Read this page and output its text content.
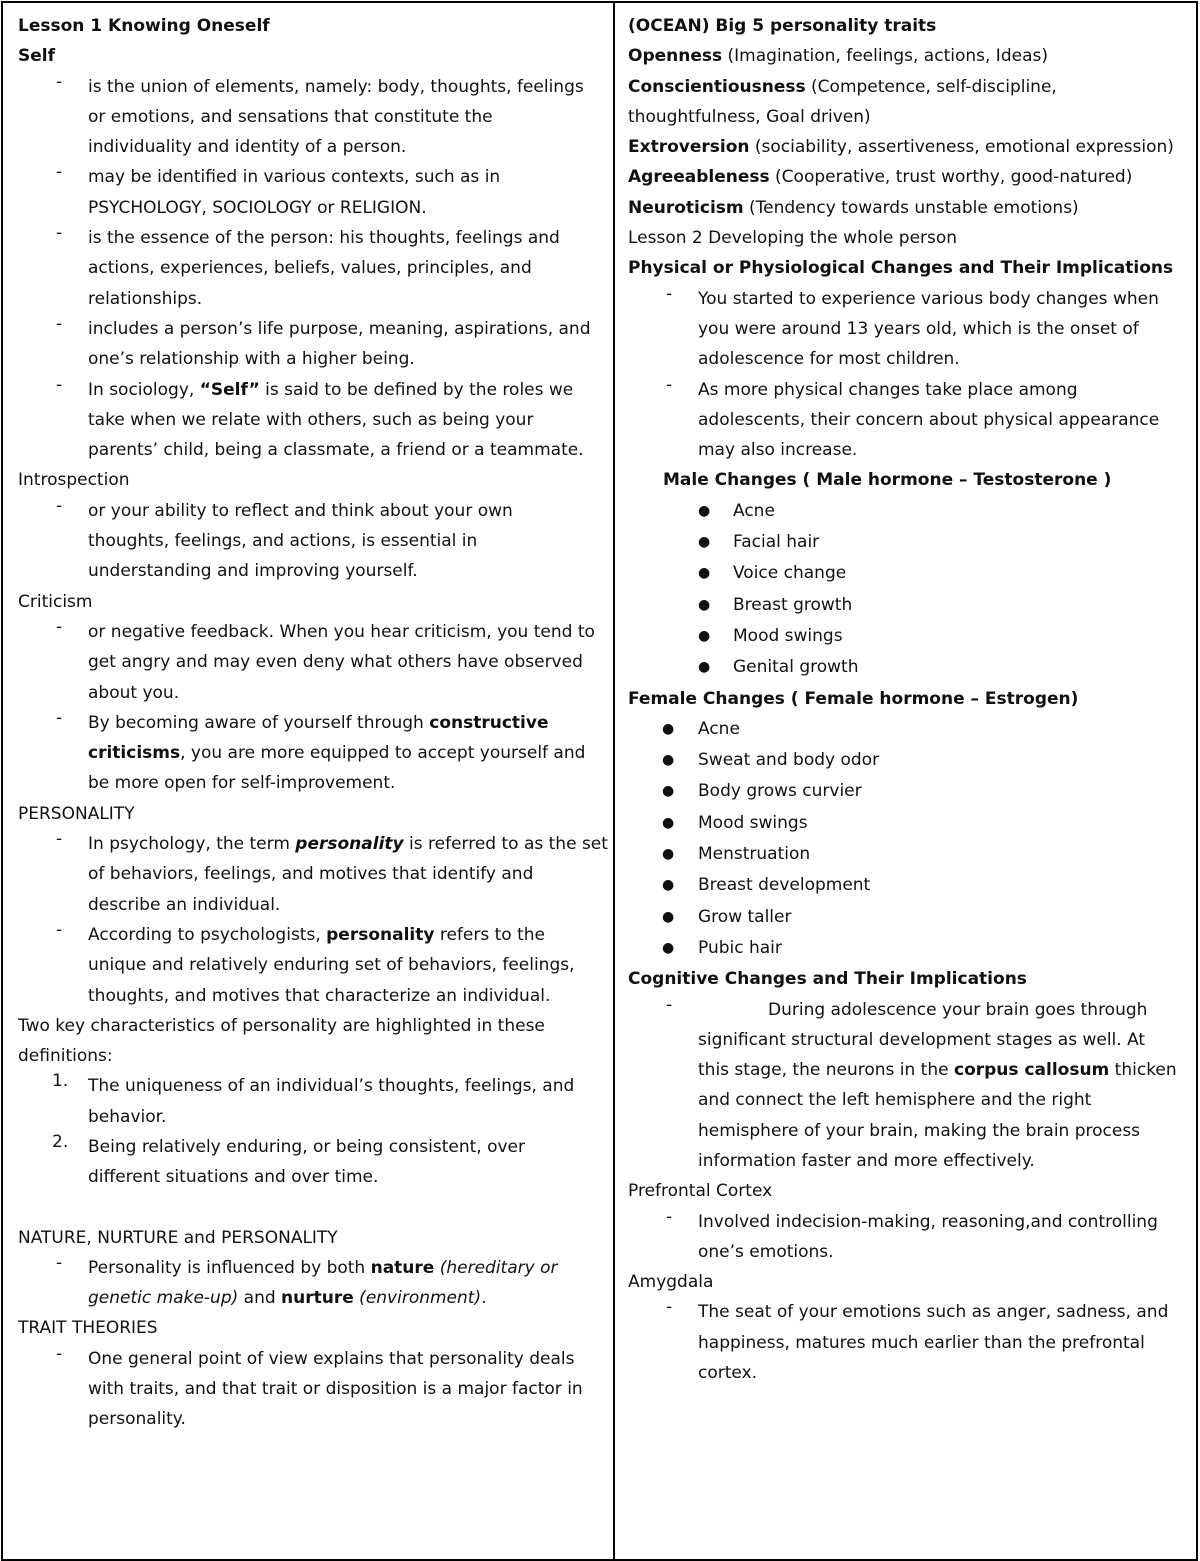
Lesson 1 Knowing Oneself
Self
- is the union of elements, namely: body, thoughts, feelings
or emotions, and sensations that constitute the
individuality and identity of a person.
- may be identified in various contexts, such as in
PSYCHOLOGY, SOCIOLOGY or RELIGION.
- is the essence of the person: his thoughts, feelings and
actions, experiences, beliefs, values, principles, and
relationships.
- includes a person’s life purpose, meaning, aspirations, and
one’s relationship with a higher being.
- In sociology, “Self” is said to be defined by the roles we
take when we relate with others, such as being your
parents’ child, being a classmate, a friend or a teammate.
Introspection
- or your ability to reflect and think about your own
thoughts, feelings, and actions, is essential in
understanding and improving yourself.
Criticism
- or negative feedback. When you hear criticism, you tend to
get angry and may even deny what others have observed
about you.
- By becoming aware of yourself through constructive
criticisms, you are more equipped to accept yourself and
be more open for self-improvement.
PERSONALITY
- In psychology, the term personality is referred to as the set
of behaviors, feelings, and motives that identify and
describe an individual.
- According to psychologists, personality refers to the
unique and relatively enduring set of behaviors, feelings,
thoughts, and motives that characterize an individual.
Two key characteristics of personality are highlighted in these
definitions:
1. The uniqueness of an individual’s thoughts, feelings, and
behavior.
2. Being relatively enduring, or being consistent, over
different situations and over time.
NATURE, NURTURE and PERSONALITY
- Personality is influenced by both nature (hereditary or
genetic make-up) and nurture (environment).
TRAIT THEORIES
- One general point of view explains that personality deals
with traits, and that trait or disposition is a major factor in
personality.
(OCEAN) Big 5 personality traits
Openness (Imagination, feelings, actions, Ideas)
Conscientiousness (Competence, self-discipline,
thoughtfulness, Goal driven)
Extroversion (sociability, assertiveness, emotional expression)
Agreeableness (Cooperative, trust worthy, good-natured)
Neuroticism (Tendency towards unstable emotions)
Lesson 2 Developing the whole person
Physical or Physiological Changes and Their Implications
- You started to experience various body changes when
you were around 13 years old, which is the onset of
adolescence for most children.
- As more physical changes take place among
adolescents, their concern about physical appearance
may also increase.
Male Changes ( Male hormone – Testosterone )
● Acne
● Facial hair
● Voice change
● Breast growth
● Mood swings
● Genital growth
Female Changes ( Female hormone – Estrogen)
● Acne
● Sweat and body odor
● Body grows curvier
● Mood swings
● Menstruation
● Breast development
● Grow taller
● Pubic hair
Cognitive Changes and Their Implications
-	During adolescence your brain goes through
significant structural development stages as well. At
this stage, the neurons in the corpus callosum thicken
and connect the left hemisphere and the right
hemisphere of your brain, making the brain process
information faster and more effectively.
Prefrontal Cortex
- Involved indecision-making, reasoning,and controlling
one’s emotions.
Amygdala
- The seat of your emotions such as anger, sadness, and
happiness, matures much earlier than the prefrontal
cortex.
